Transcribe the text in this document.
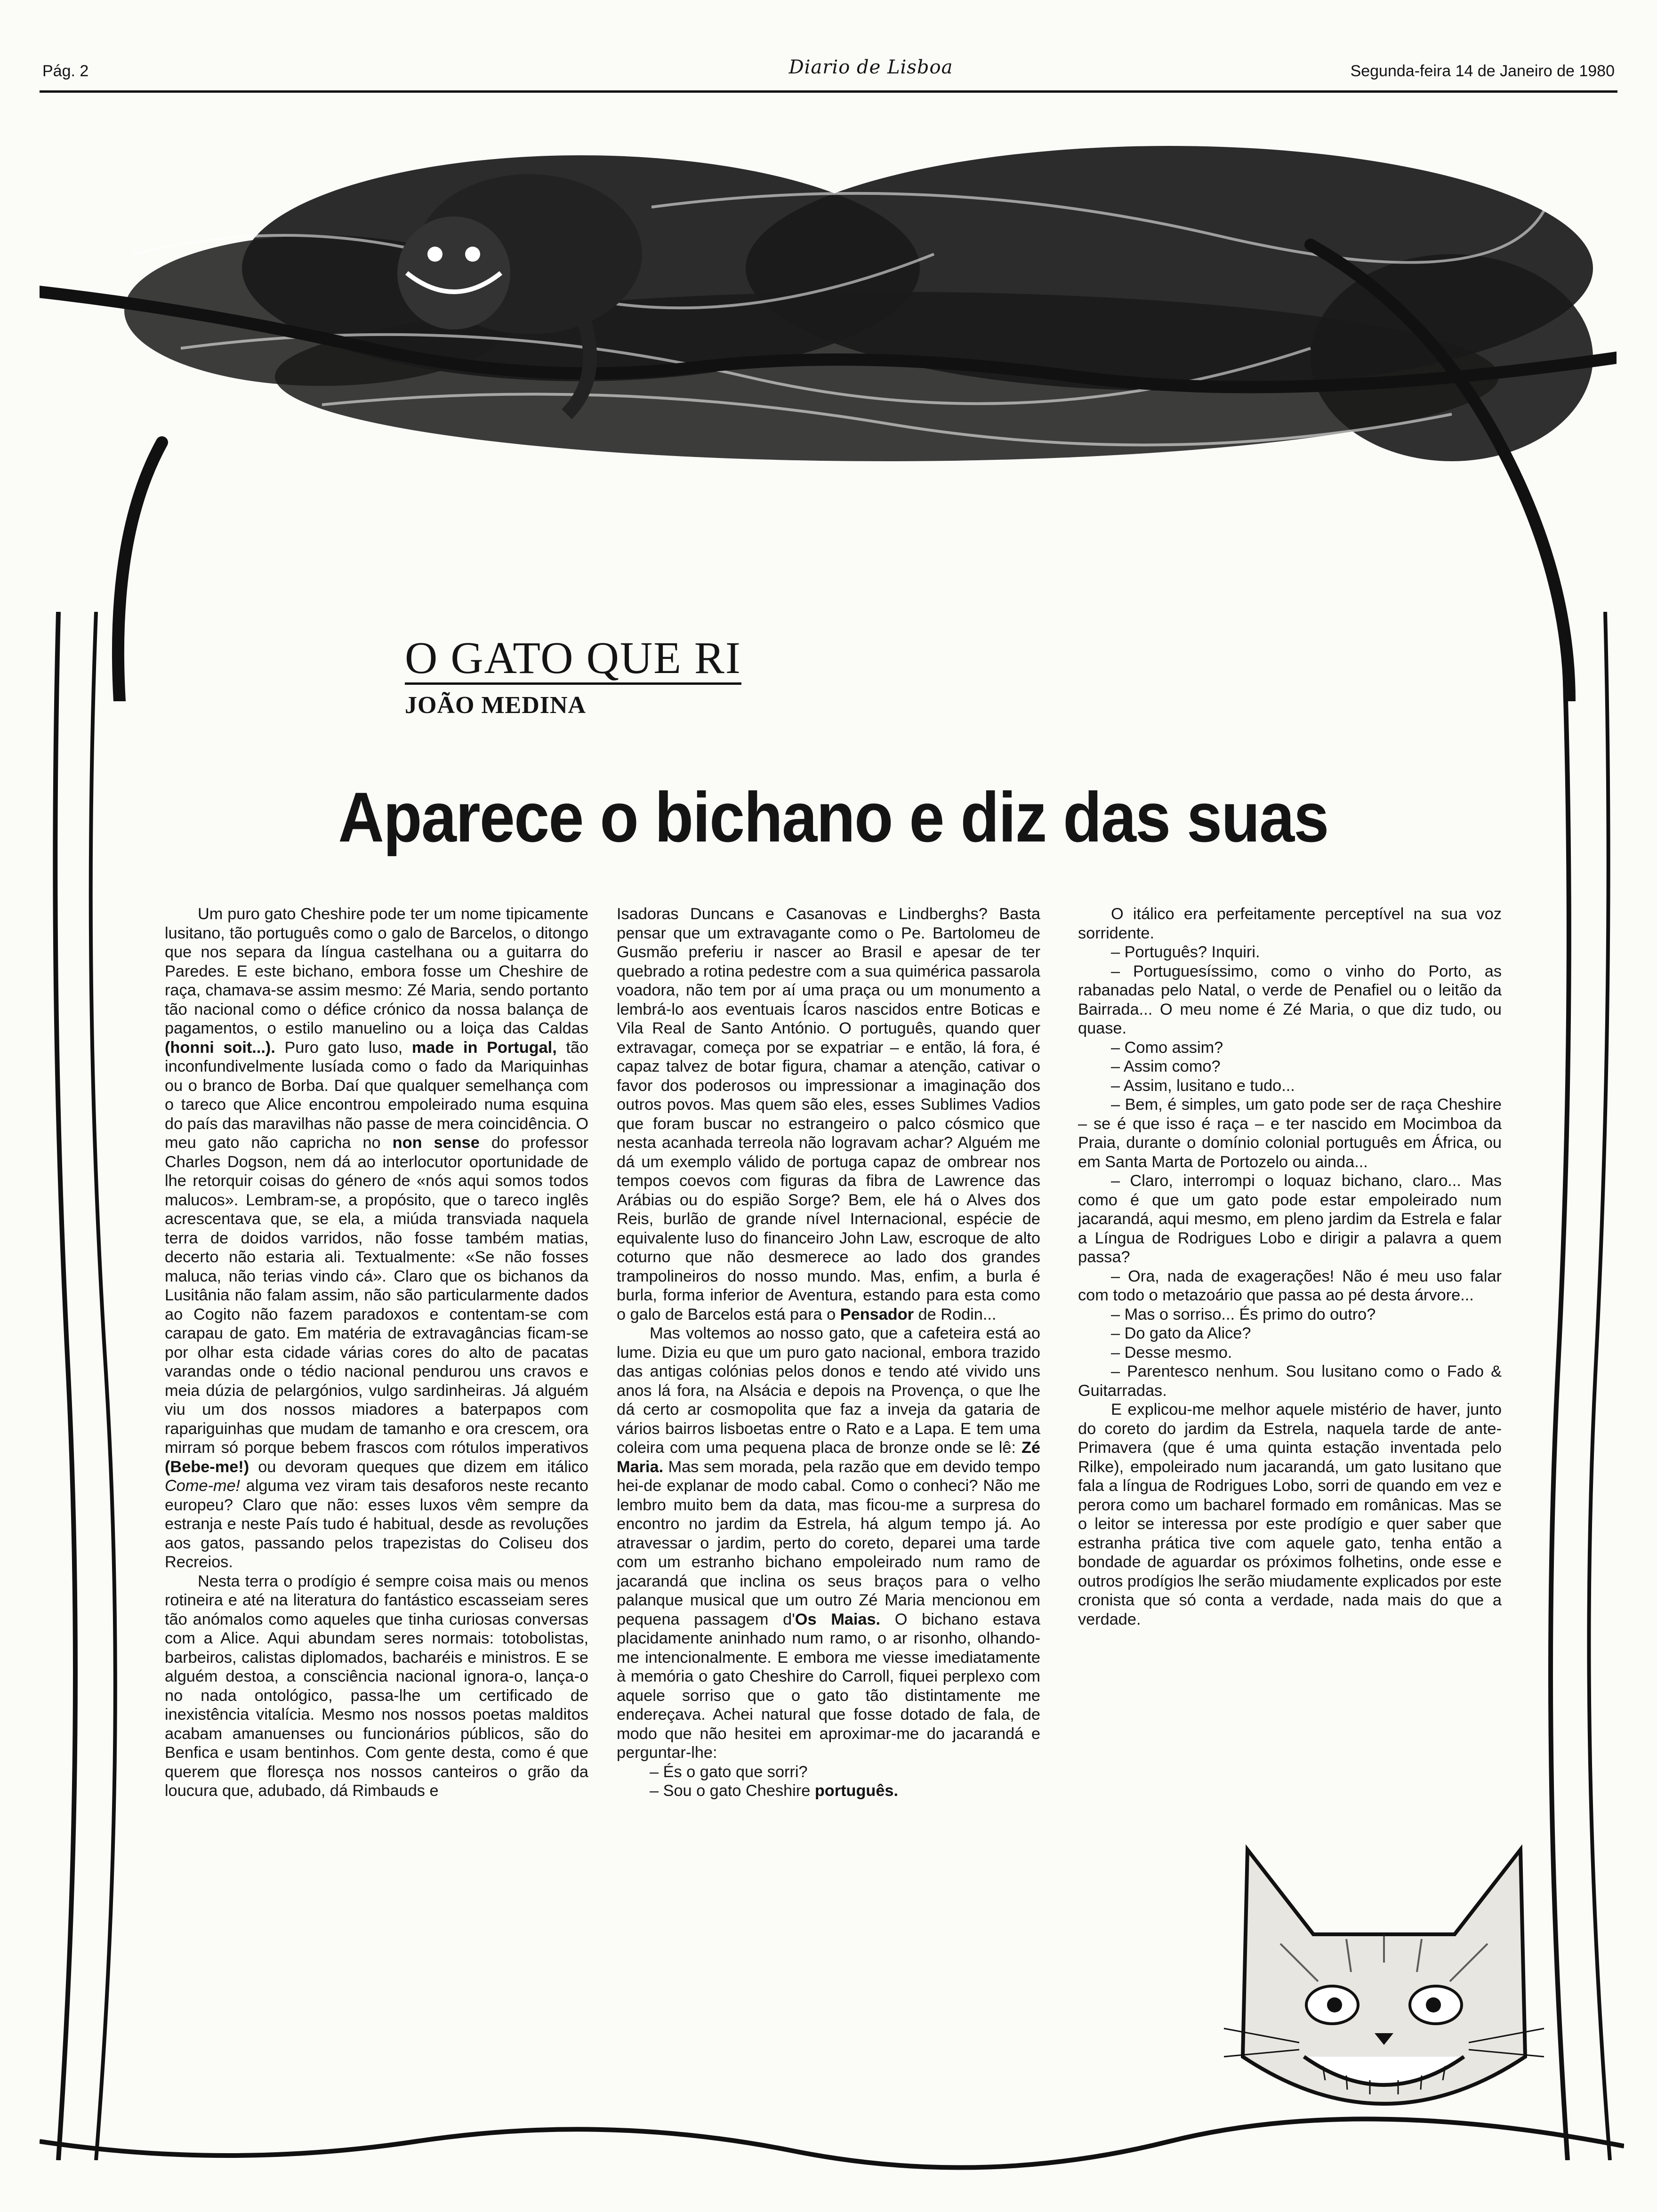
Pág. 2	Diario de Lisboa	Segunda-feira 14 de Janeiro de 1980
O GATO QUE RI
JOÃO MEDINA
Aparece o bichano e diz das suas

Um puro gato Cheshire pode ter um nome tipicamente lusitano, tão português como o galo de Barcelos, o ditongo que nos separa da língua castelhana ou a guitarra do Paredes. E este bichano, embora fosse um Cheshire de raça, chamava-se assim mesmo: Zé Maria, sendo portanto tão nacional como o défice crónico da nossa balança de pagamentos, o estilo manuelino ou a loiça das Caldas (honni soit...). Puro gato luso, made in Portugal, tão inconfundivelmente lusíada como o fado da Mariquinhas ou o branco de Borba. Daí que qualquer semelhança com o tareco que Alice encontrou empoleirado numa esquina do país das maravilhas não passe de mera coincidência. O meu gato não capricha no non sense do professor Charles Dogson, nem dá ao interlocutor oportunidade de lhe retorquir coisas do género de «nós aqui somos todos malucos». Lembram-se, a propósito, que o tareco inglês acrescentava que, se ela, a miúda transviada naquela terra de doidos varridos, não fosse também matias, decerto não estaria ali. Textualmente: «Se não fosses maluca, não terias vindo cá». Claro que os bichanos da Lusitânia não falam assim, não são particularmente dados ao Cogito não fazem paradoxos e contentam-se com carapau de gato. Em matéria de extravagâncias ficam-se por olhar esta cidade várias cores do alto de pacatas varandas onde o tédio nacional pendurou uns cravos e meia dúzia de pelargónios, vulgo sardinheiras. Já alguém viu um dos nossos miadores a baterpapos com rapariguinhas que mudam de tamanho e ora crescem, ora mirram só porque bebem frascos com rótulos imperativos (Bebe-me!) ou devoram queques que dizem em itálico Come-me! alguma vez viram tais desaforos neste recanto europeu? Claro que não: esses luxos vêm sempre da estranja e neste País tudo é habitual, desde as revoluções aos gatos, passando pelos trapezistas do Coliseu dos Recreios.

Nesta terra o prodígio é sempre coisa mais ou menos rotineira e até na literatura do fantástico escasseiam seres tão anómalos como aqueles que tinha curiosas conversas com a Alice. Aqui abundam seres normais: totobolistas, barbeiros, calistas diplomados, bacharéis e ministros. E se alguém destoa, a consciência nacional ignora-o, lança-o no nada ontológico, passa-lhe um certificado de inexistência vitalícia. Mesmo nos nossos poetas malditos acabam amanuenses ou funcionários públicos, são do Benfica e usam bentinhos. Com gente desta, como é que querem que floresça nos nossos canteiros o grão da loucura que, adubado, dá Rimbauds e

Isadoras Duncans e Casanovas e Lindberghs? Basta pensar que um extravagante como o Pe. Bartolomeu de Gusmão preferiu ir nascer ao Brasil e apesar de ter quebrado a rotina pedestre com a sua quimérica passarola voadora, não tem por aí uma praça ou um monumento a lembrá-lo aos eventuais Ícaros nascidos entre Boticas e Vila Real de Santo António. O português, quando quer extravagar, começa por se expatriar – e então, lá fora, é capaz talvez de botar figura, chamar a atenção, cativar o favor dos poderosos ou impressionar a imaginação dos outros povos. Mas quem são eles, esses Sublimes Vadios que foram buscar no estrangeiro o palco cósmico que nesta acanhada terreola não logravam achar? Alguém me dá um exemplo válido de portuga capaz de ombrear nos tempos coevos com figuras da fibra de Lawrence das Arábias ou do espião Sorge? Bem, ele há o Alves dos Reis, burlão de grande nível Internacional, espécie de equivalente luso do financeiro John Law, escroque de alto coturno que não desmerece ao lado dos grandes trampolineiros do nosso mundo. Mas, enfim, a burla é burla, forma inferior de Aventura, estando para esta como o galo de Barcelos está para o Pensador de Rodin...

Mas voltemos ao nosso gato, que a cafeteira está ao lume. Dizia eu que um puro gato nacional, embora trazido das antigas colónias pelos donos e tendo até vivido uns anos lá fora, na Alsácia e depois na Provença, o que lhe dá certo ar cosmopolita que faz a inveja da gataria de vários bairros lisboetas entre o Rato e a Lapa. E tem uma coleira com uma pequena placa de bronze onde se lê: Zé Maria. Mas sem morada, pela razão que em devido tempo hei-de explanar de modo cabal. Como o conheci? Não me lembro muito bem da data, mas ficou-me a surpresa do encontro no jardim da Estrela, há algum tempo já. Ao atravessar o jardim, perto do coreto, deparei uma tarde com um estranho bichano empoleirado num ramo de jacarandá que inclina os seus braços para o velho palanque musical que um outro Zé Maria mencionou em pequena passagem d'Os Maias. O bichano estava placidamente aninhado num ramo, o ar risonho, olhando-me intencionalmente. E embora me viesse imediatamente à memória o gato Cheshire do Carroll, fiquei perplexo com aquele sorriso que o gato tão distintamente me endereçava. Achei natural que fosse dotado de fala, de modo que não hesitei em aproximar-me do jacarandá e perguntar-lhe:

– És o gato que sorri?

– Sou o gato Cheshire português.

O itálico era perfeitamente perceptível na sua voz sorridente.

– Português? Inquiri.

– Portuguesíssimo, como o vinho do Porto, as rabanadas pelo Natal, o verde de Penafiel ou o leitão da Bairrada... O meu nome é Zé Maria, o que diz tudo, ou quase.

– Como assim?

– Assim como?

– Assim, lusitano e tudo...

– Bem, é simples, um gato pode ser de raça Cheshire – se é que isso é raça – e ter nascido em Mocimboa da Praia, durante o domínio colonial português em África, ou em Santa Marta de Portozelo ou ainda...

– Claro, interrompi o loquaz bichano, claro... Mas como é que um gato pode estar empoleirado num jacarandá, aqui mesmo, em pleno jardim da Estrela e falar a Língua de Rodrigues Lobo e dirigir a palavra a quem passa?

– Ora, nada de exagerações! Não é meu uso falar com todo o metazoário que passa ao pé desta árvore...

– Mas o sorriso... És primo do outro?

– Do gato da Alice?

– Desse mesmo.

– Parentesco nenhum. Sou lusitano como o Fado & Guitarradas.

E explicou-me melhor aquele mistério de haver, junto do coreto do jardim da Estrela, naquela tarde de ante-Primavera (que é uma quinta estação inventada pelo Rilke), empoleirado num jacarandá, um gato lusitano que fala a língua de Rodrigues Lobo, sorri de quando em vez e perora como um bacharel formado em românicas. Mas se o leitor se interessa por este prodígio e quer saber que estranha prática tive com aquele gato, tenha então a bondade de aguardar os próximos folhetins, onde esse e outros prodígios lhe serão miudamente explicados por este cronista que só conta a verdade, nada mais do que a verdade.
